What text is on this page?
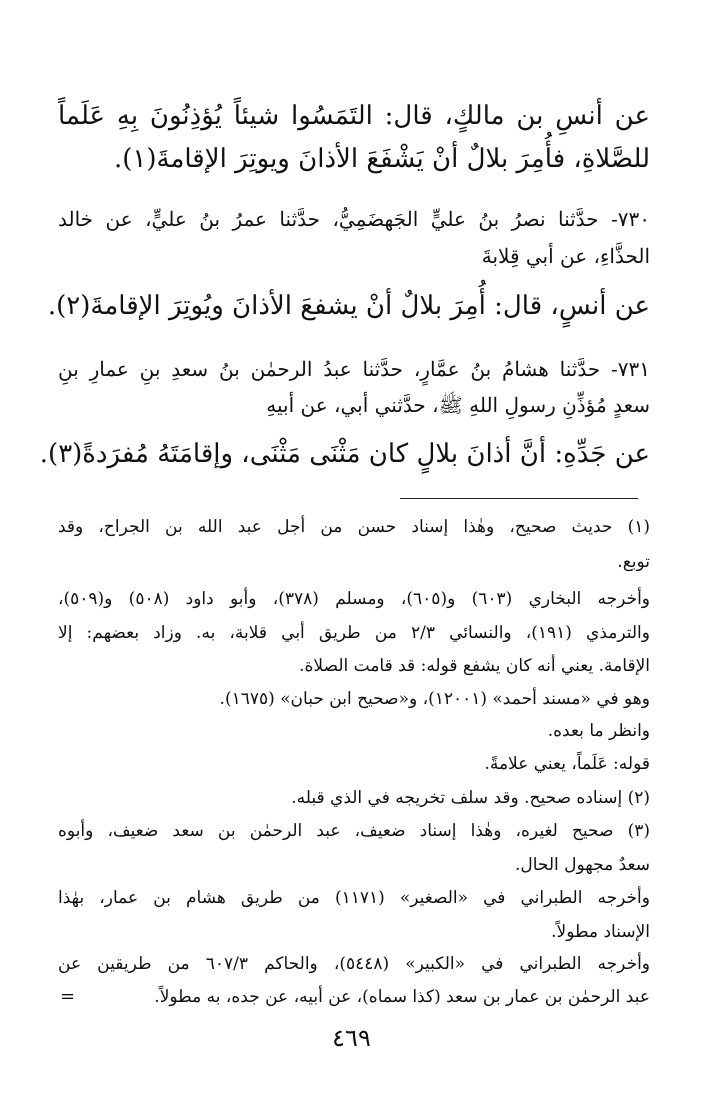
عن أنسِ بن مالكٍ، قال: التَمَسُوا شيئاً يُؤذِنُونَ بِهِ عَلَماً
للصَّلاةِ، فأُمِرَ بلالٌ أنْ يَشْفَعَ الأذانَ ويوتِرَ الإقامةَ(١).
٧٣٠- حدَّثنا نصرُ بنُ عليٍّ الجَهضَمِيُّ، حدَّثنا عمرُ بنُ عليٍّ، عن خالد
الحذَّاءِ، عن أبي قِلابةَ
عن أنسٍ، قال: أُمِرَ بلالٌ أنْ يشفعَ الأذانَ ويُوتِرَ الإقامةَ(٢).
٧٣١- حدَّثنا هشامُ بنُ عمَّارٍ، حدَّثنا عبدُ الرحمٰن بنُ سعدِ بنِ عمارِ بنِ
سعدٍ مُؤذِّنِ رسولِ اللهِ ﷺ، حدَّثني أبي، عن أبيهِ
عن جَدِّهِ: أنَّ أذانَ بلالٍ كان مَثْنَى مَثْنَى، وإقامَتَهُ مُفرَدةً(٣).
(١) حديث صحيح، وهٰذا إسناد حسن من أجل عبد الله بن الجراح، وقد
توبع.
وأخرجه البخاري (٦٠٣) و(٦٠٥)، ومسلم (٣٧٨)، وأبو داود (٥٠٨) و(٥٠٩)،
والترمذي (١٩١)، والنسائي ٢/٣ من طريق أبي قلابة، به. وزاد بعضهم: إلا
الإقامة. يعني أنه كان يشفع قوله: قد قامت الصلاة.
وهو في «مسند أحمد» (١٢٠٠١)، و«صحيح ابن حبان» (١٦٧٥).
وانظر ما بعده.
قوله: عَلَماً، يعني علامةً.
(٢) إسناده صحيح. وقد سلف تخريجه في الذي قبله.
(٣) صحيح لغيره، وهٰذا إسناد ضعيف، عبد الرحمٰن بن سعد ضعيف، وأبوه
سعدٌ مجهول الحال.
وأخرجه الطبراني في «الصغير» (١١٧١) من طريق هشام بن عمار، بهٰذا
الإسناد مطولاً.
وأخرجه الطبراني في «الكبير» (٥٤٤٨)، والحاكم ٦٠٧/٣ من طريقين عن
عبد الرحمٰن بن عمار بن سعد (كذا سماه)، عن أبيه، عن جده، به مطولاً.
=
٤٦٩
